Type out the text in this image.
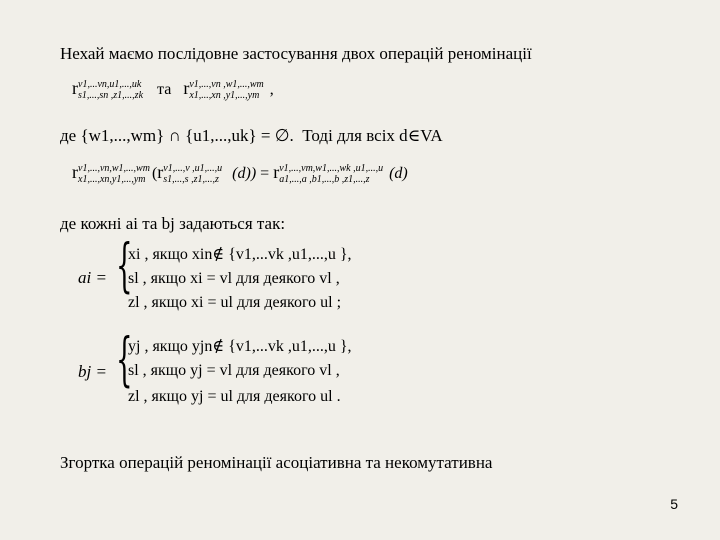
Нехай маємо послідовне застосування двох операцій реномінації
r v1,...vn,u1,...,uk
s1,...,sn ,z1,...,zk та r v1,...,vn ,w1,...,wm
x1,...,xn ,y1,...,ym ,
де {w1,...,wm} ∩ {u1,...,uk} = ∅. Тоді для всіх d∈VA
r v1,...,vn,w1,...,wm
x1,...,xn,y1,...,ym (r v1,...,v ,u1,...,u
s1,...,s ,z1,...,z (d)) = r v1,...,vm,w1,...,wk ,u1,...,u
a1,...,a ,b1,...,b ,z1,...,z	(d)
де кожні ai та bj задаються так:
ai = {
xi , якщо xin∉ {v1,...vk ,u1,...,u },
sl , якщо xi = vl для деякого vl ,
zl , якщо xi = ul для деякого ul ;
bj = {
yj , якщо yjn∉ {v1,...vk ,u1,...,u },
sl , якщо yj = vl для деякого vl ,
zl , якщо yj = ul для деякого ul .
Згортка операцій реномінації асоціативна та некомутативна
5
